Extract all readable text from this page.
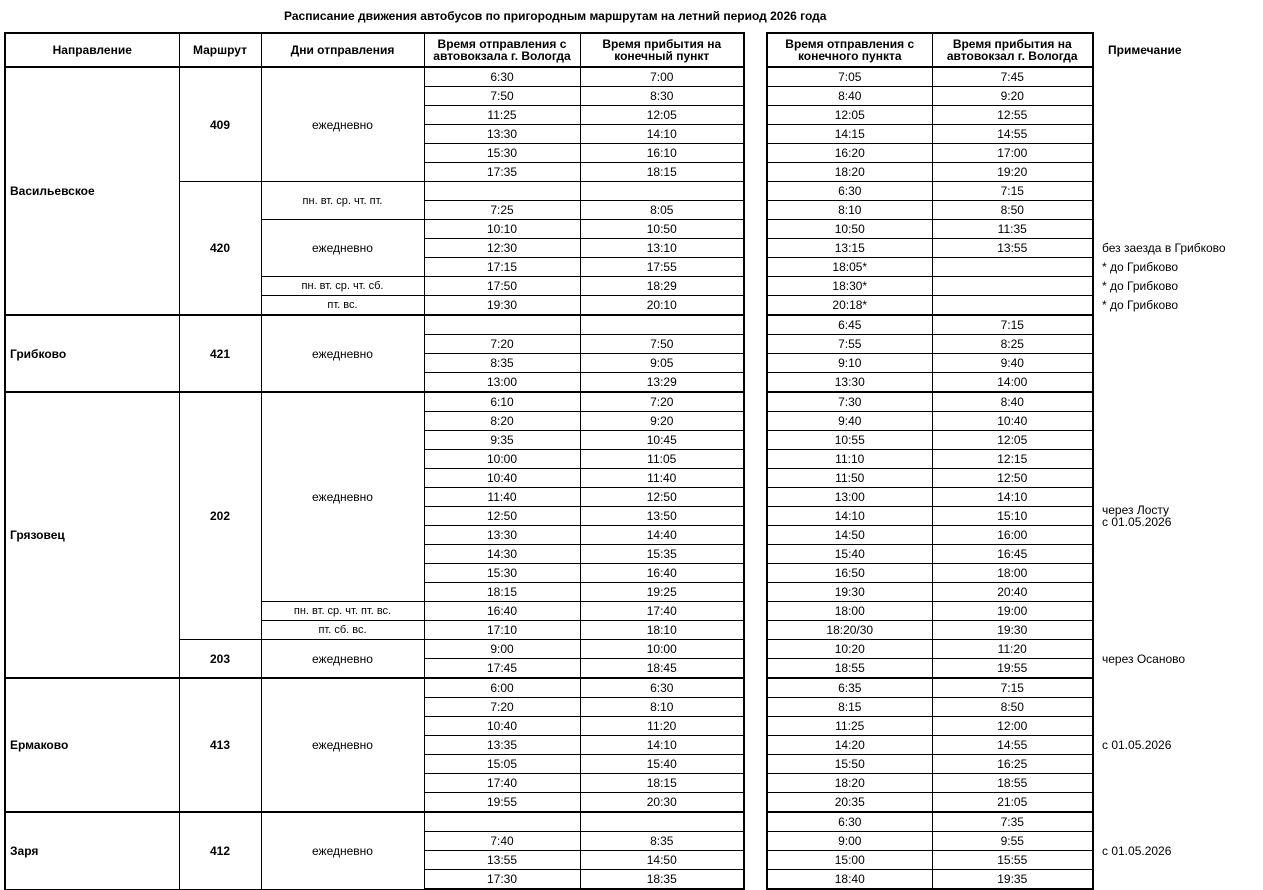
Расписание движения автобусов по пригородным маршрутам на летний период 2026 года
Направление	Маршрут	Дни отправления	Время отправления с автовокзала г. Вологда	Время прибытия на конечный пункт		Время отправления с конечного пункта	Время прибытия на автовокзал г. Вологда	Примечание
Васильевское	409	ежедневно	6:30	7:00		7:05	7:45	
			7:50	8:30		8:40	9:20	
			11:25	12:05		12:05	12:55	
			13:30	14:10		14:15	14:55	
			15:30	16:10		16:20	17:00	
			17:35	18:15		18:20	19:20	
	420	пн. вт. ср. чт. пт.				6:30	7:15	
			7:25	8:05		8:10	8:50	
		ежедневно	10:10	10:50		10:50	11:35	
			12:30	13:10		13:15	13:55	без заезда в Грибково
			17:15	17:55		18:05*		* до Грибково
		пн. вт. ср. чт. сб.	17:50	18:29		18:30*		* до Грибково
		пт. вс.	19:30	20:10		20:18*		* до Грибково
Грибково	421	ежедневно				6:45	7:15	
			7:20	7:50		7:55	8:25	
			8:35	9:05		9:10	9:40	
			13:00	13:29		13:30	14:00	
Грязовец	202	ежедневно	6:10	7:20		7:30	8:40	через Лосту
с 01.05.2026

			8:20	9:20		9:40	10:40	
			9:35	10:45		10:55	12:05	
			10:00	11:05		11:10	12:15	
			10:40	11:40		11:50	12:50	
			11:40	12:50		13:00	14:10	
			12:50	13:50		14:10	15:10	
			13:30	14:40		14:50	16:00	
			14:30	15:35		15:40	16:45	
			15:30	16:40		16:50	18:00	
			18:15	19:25		19:30	20:40	
		пн. вт. ср. чт. пт. вс.	16:40	17:40		18:00	19:00	
		пт. сб. вс.	17:10	18:10		18:20/30	19:30	
	203	ежедневно	9:00	10:00		10:20	11:20	через Осаново

			17:45	18:45		18:55	19:55	
Ермаково	413	ежедневно	6:00	6:30		6:35	7:15	с 01.05.2026

			7:20	8:10		8:15	8:50	
			10:40	11:20		11:25	12:00	
			13:35	14:10		14:20	14:55	
			15:05	15:40		15:50	16:25	
			17:40	18:15		18:20	18:55	
			19:55	20:30		20:35	21:05	
Заря	412	ежедневно				6:30	7:35	с 01.05.2026

			7:40	8:35		9:00	9:55	
			13:55	14:50		15:00	15:55	
			17:30	18:35		18:40	19:35	
